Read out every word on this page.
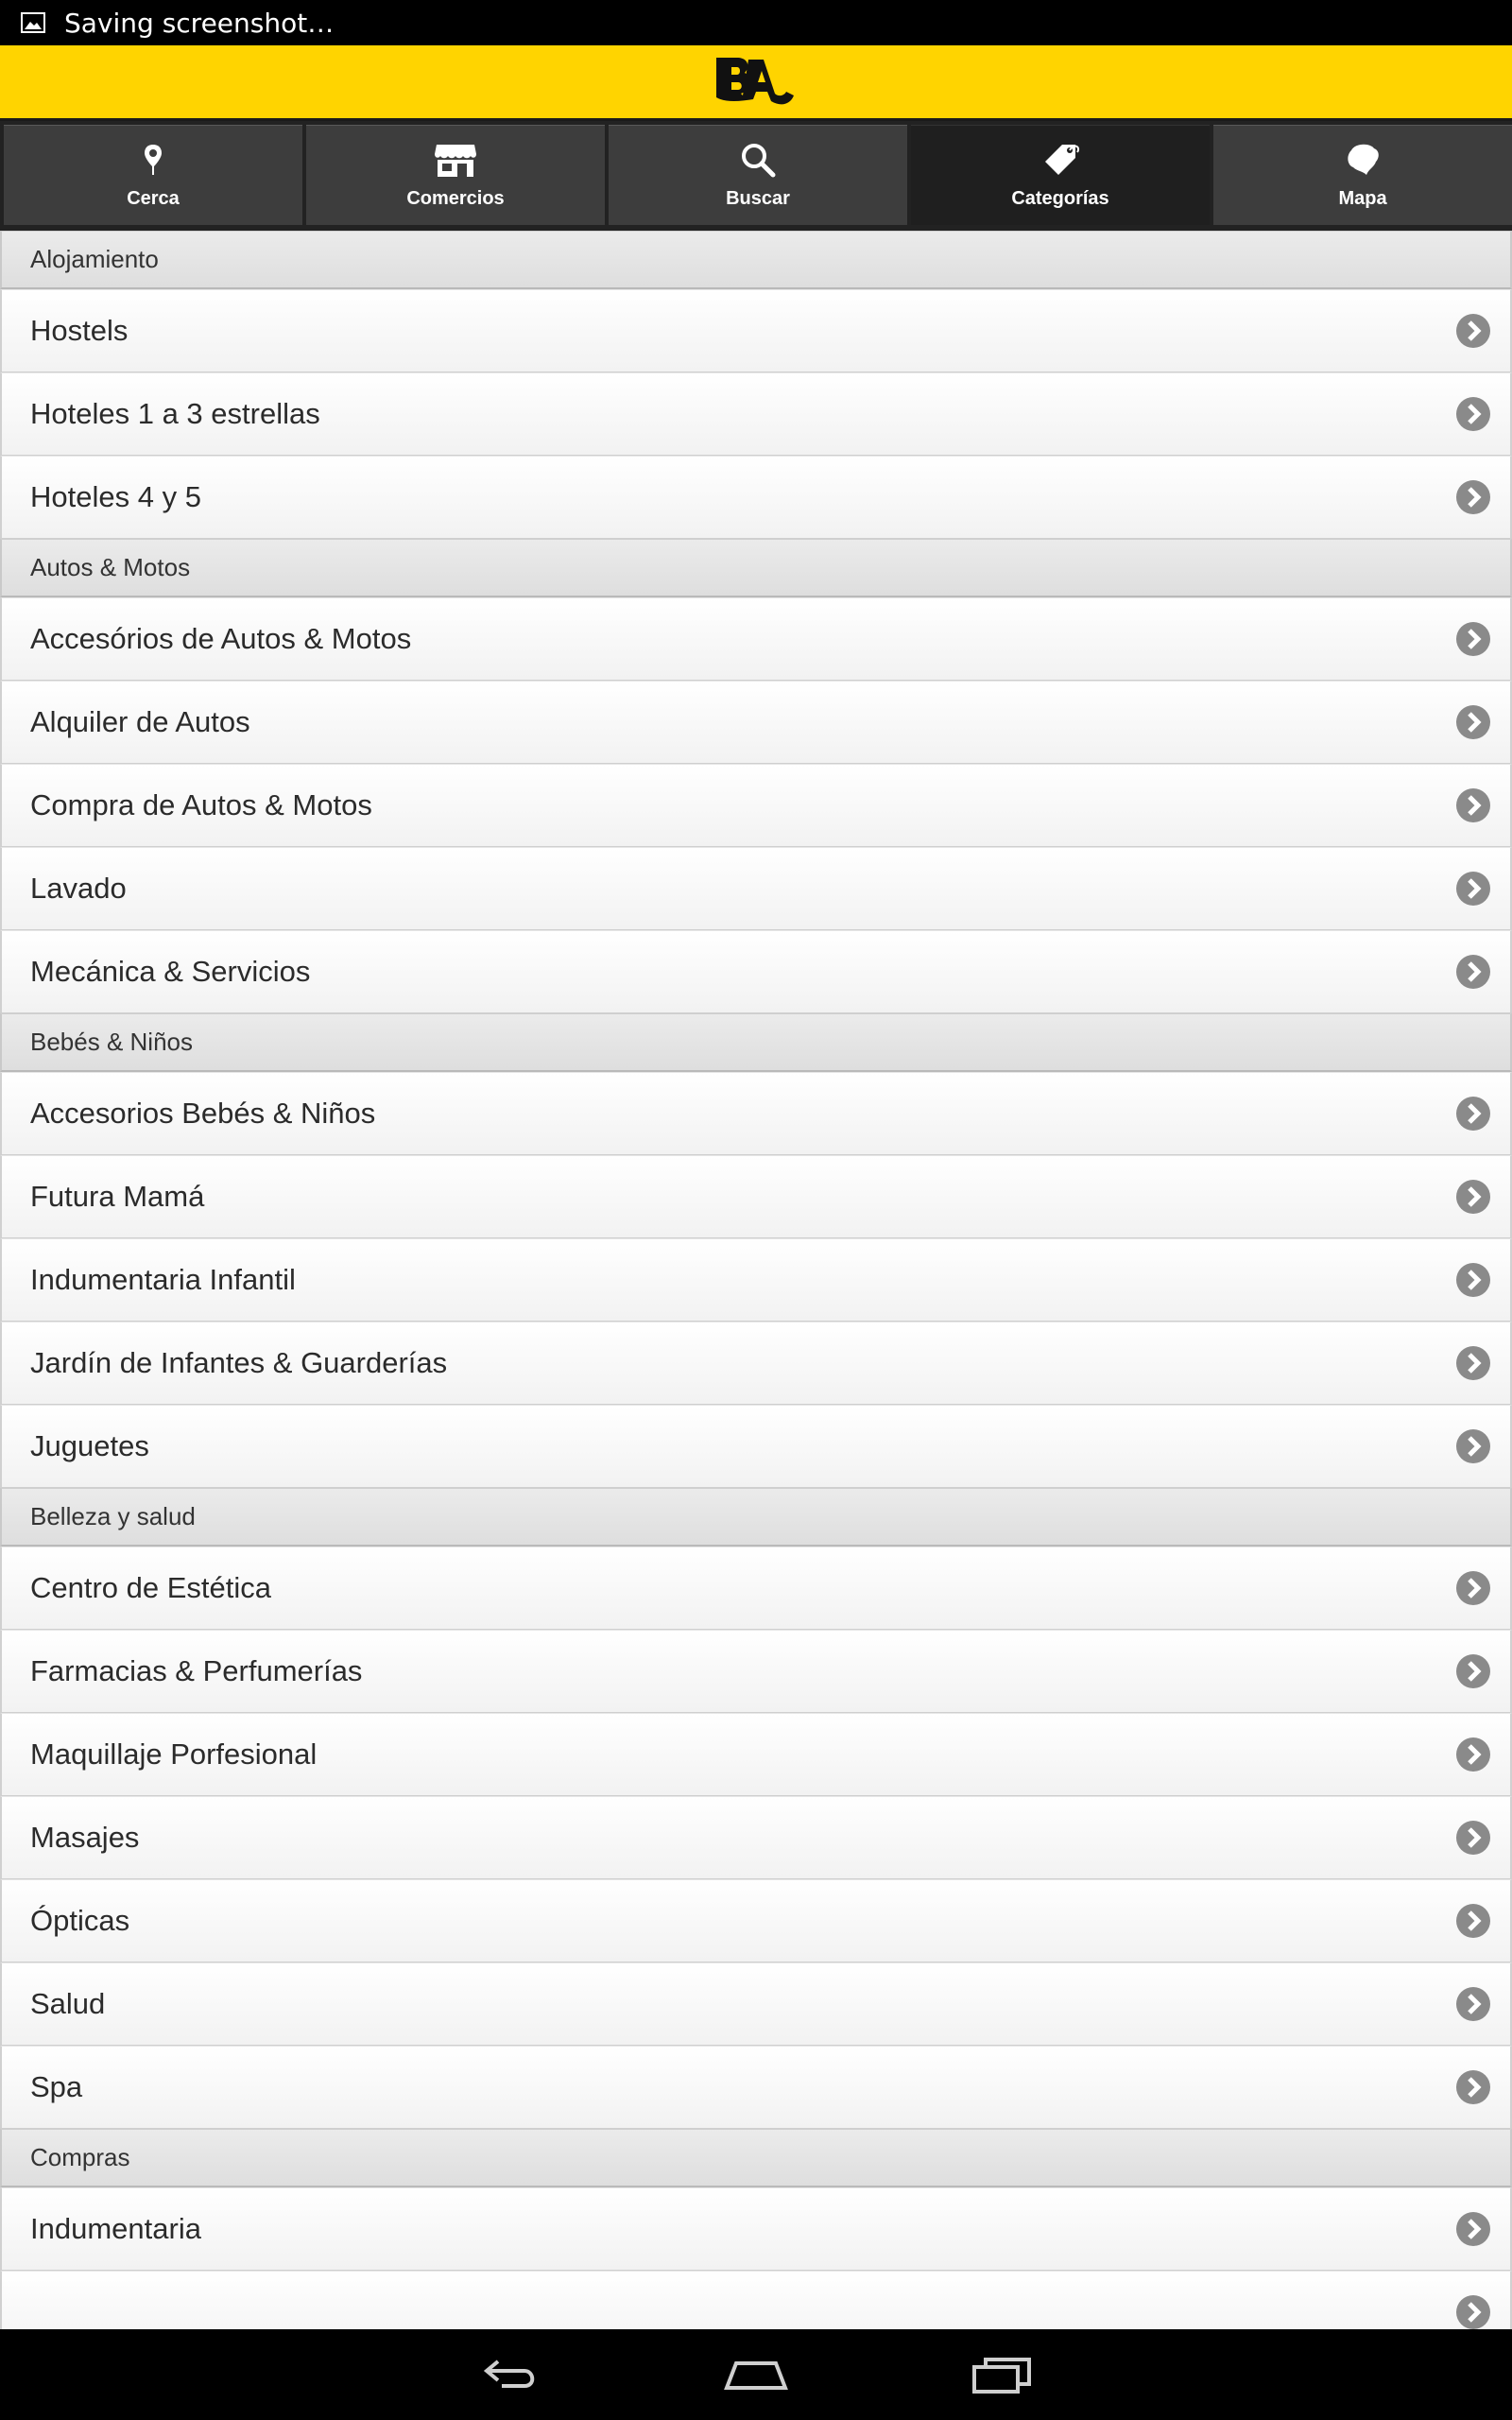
Saving screenshot…
Cerca	Comercios	Buscar	Categorías	Mapa
Alojamiento
Hostels
Hoteles 1 a 3 estrellas
Hoteles 4 y 5
Autos & Motos
Accesórios de Autos & Motos
Alquiler de Autos
Compra de Autos & Motos
Lavado
Mecánica & Servicios
Bebés & Niños
Accesorios Bebés & Niños
Futura Mamá
Indumentaria Infantil
Jardín de Infantes & Guarderías
Juguetes
Belleza y salud
Centro de Estética
Farmacias & Perfumerías
Maquillaje Porfesional
Masajes
Ópticas
Salud
Spa
Compras
Indumentaria
